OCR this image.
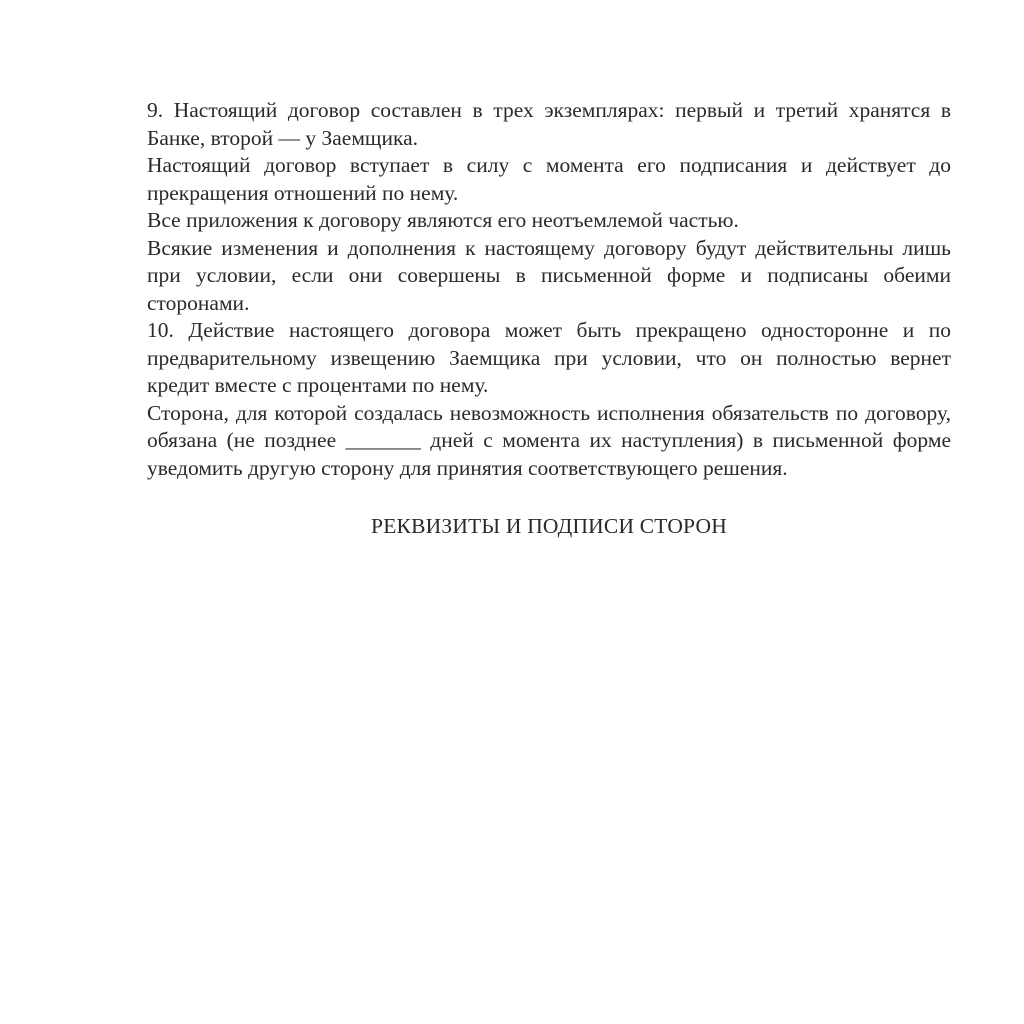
9. Настоящий договор составлен в трех экземплярах: первый и третий хранятся в Банке, второй — у Заемщика.

Настоящий договор вступает в силу с момента его подписания и действует до прекращения отношений по нему.

Все приложения к договору являются его неотъемлемой частью.

Всякие изменения и дополнения к настоящему договору будут действительны лишь при условии, если они совершены в письменной форме и подписаны обеими сторонами.

10. Действие настоящего договора может быть прекращено одностороннe и по предварительному извещению Заемщика при условии, что он полностью вернет кредит вместе с процентами по нему.

Сторона, для которой создалась невозможность исполнения обязательств по договору, обязана (не позднее _______ дней с момента их наступления) в письменной форме уведомить другую сторону для принятия соответствующего решения.

РЕКВИЗИТЫ И ПОДПИСИ СТОРОН
